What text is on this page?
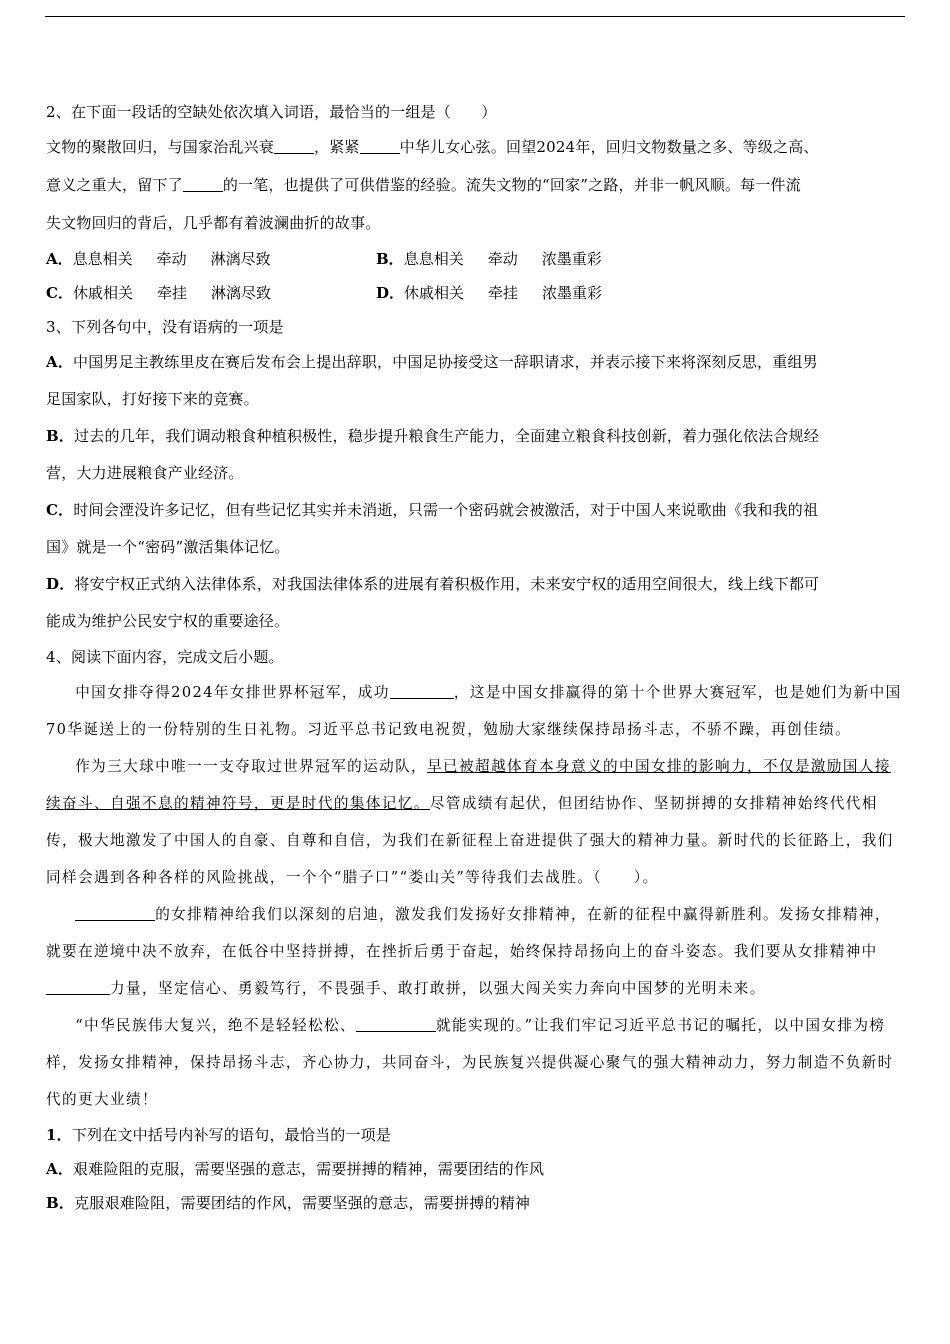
2、在下面一段话的空缺处依次填入词语，最恰当的一组是（　　）
文物的聚散回归，与国家治乱兴衰	，紧紧	中华儿女心弦。回望2024年，回归文物数量之多、等级之高、
意义之重大，留下了	的一笔，也提供了可供借鉴的经验。流失文物的“回家”之路，并非一帆风顺。每一件流
失文物回归的背后，几乎都有着波澜曲折的故事。
A．息息相关 牵动 淋漓尽致	B．息息相关 牵动 浓墨重彩
C．休戚相关 牵挂 淋漓尽致	D．休戚相关 牵挂 浓墨重彩
3、下列各句中，没有语病的一项是
A．中国男足主教练里皮在赛后发布会上提出辞职，中国足协接受这一辞职请求，并表示接下来将深刻反思，重组男
足国家队，打好接下来的竞赛。
B．过去的几年，我们调动粮食种植积极性，稳步提升粮食生产能力，全面建立粮食科技创新，着力强化依法合规经
营，大力进展粮食产业经济。
C．时间会湮没许多记忆，但有些记忆其实并未消逝，只需一个密码就会被激活，对于中国人来说歌曲《我和我的祖
国》就是一个“密码”激活集体记忆。
D．将安宁权正式纳入法律体系，对我国法律体系的进展有着积极作用，未来安宁权的适用空间很大，线上线下都可
能成为维护公民安宁权的重要途径。
4、阅读下面内容，完成文后小题。
中国女排夺得2024年女排世界杯冠军，成功	，这是中国女排赢得的第十个世界大赛冠军，也是她们为新中国70华诞送上的一份特别的生日礼物。习近平总书记致电祝贺，勉励大家继续保持昂扬斗志，不骄不躁，再创佳绩。
作为三大球中唯一一支夺取过世界冠军的运动队，早已被超越体育本身意义的中国女排的影响力，不仅是激励国人接续奋斗、自强不息的精神符号，更是时代的集体记忆。尽管成绩有起伏，但团结协作、坚韧拼搏的女排精神始终代代相传，极大地激发了中国人的自豪、自尊和自信，为我们在新征程上奋进提供了强大的精神力量。新时代的长征路上，我们同样会遇到各种各样的风险挑战，一个个“腊子口”“娄山关”等待我们去战胜。（　　）。
的女排精神给我们以深刻的启迪，激发我们发扬好女排精神，在新的征程中赢得新胜利。发扬女排精神，就要在逆境中决不放弃，在低谷中坚持拼搏，在挫折后勇于奋起，始终保持昂扬向上的奋斗姿态。我们要从女排精神中力量，坚定信心、勇毅笃行，不畏强手、敢打敢拼，以强大闯关实力奔向中国梦的光明未来。
“中华民族伟大复兴，绝不是轻轻松松、	就能实现的。”让我们牢记习近平总书记的嘱托，以中国女排为榜样，发扬女排精神，保持昂扬斗志，齐心协力，共同奋斗，为民族复兴提供凝心聚气的强大精神动力，努力制造不负新时代的更大业绩！
1．下列在文中括号内补写的语句，最恰当的一项是
A．艰难险阻的克服，需要坚强的意志，需要拼搏的精神，需要团结的作风
B．克服艰难险阻，需要团结的作风，需要坚强的意志，需要拼搏的精神
